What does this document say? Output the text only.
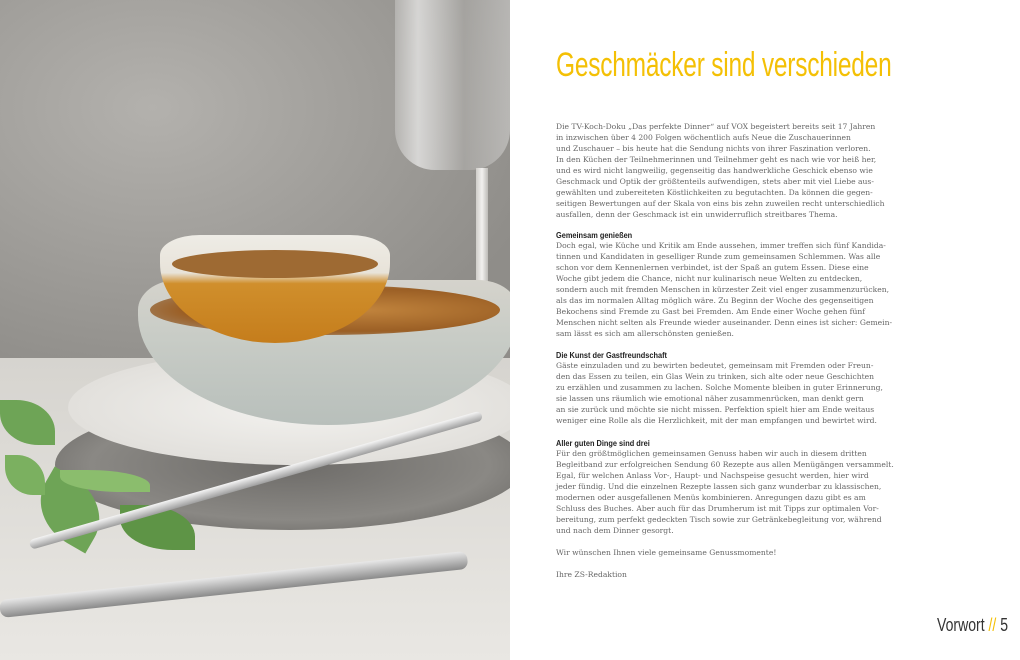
Geschmäcker sind verschieden
Die TV-Koch-Doku „Das perfekte Dinner“ auf VOX begeistert bereits seit 17 Jahren
in inzwischen über 4 200 Folgen wöchentlich aufs Neue die Zuschauerinnen
und Zuschauer – bis heute hat die Sendung nichts von ihrer Faszination verloren.
In den Küchen der Teilnehmerinnen und Teilnehmer geht es nach wie vor heiß her,
und es wird nicht langweilig, gegenseitig das handwerkliche Geschick ebenso wie
Geschmack und Optik der größtenteils aufwendigen, stets aber mit viel Liebe aus-
gewählten und zubereiteten Köstlichkeiten zu begutachten. Da können die gegen-
seitigen Bewertungen auf der Skala von eins bis zehn zuweilen recht unterschiedlich
ausfallen, denn der Geschmack ist ein unwiderruflich streitbares Thema.
Gemeinsam genießen
Doch egal, wie Küche und Kritik am Ende aussehen, immer treffen sich fünf Kandida-
tinnen und Kandidaten in geselliger Runde zum gemeinsamen Schlemmen. Was alle
schon vor dem Kennenlernen verbindet, ist der Spaß an gutem Essen. Diese eine
Woche gibt jedem die Chance, nicht nur kulinarisch neue Welten zu entdecken,
sondern auch mit fremden Menschen in kürzester Zeit viel enger zusammenzurücken,
als das im normalen Alltag möglich wäre. Zu Beginn der Woche des gegenseitigen
Bekochens sind Fremde zu Gast bei Fremden. Am Ende einer Woche gehen fünf
Menschen nicht selten als Freunde wieder auseinander. Denn eines ist sicher: Gemein-
sam lässt es sich am allerschönsten genießen.
Die Kunst der Gastfreundschaft
Gäste einzuladen und zu bewirten bedeutet, gemeinsam mit Fremden oder Freun-
den das Essen zu teilen, ein Glas Wein zu trinken, sich alte oder neue Geschichten
zu erzählen und zusammen zu lachen. Solche Momente bleiben in guter Erinnerung,
sie lassen uns räumlich wie emotional näher zusammenrücken, man denkt gern
an sie zurück und möchte sie nicht missen. Perfektion spielt hier am Ende weitaus
weniger eine Rolle als die Herzlichkeit, mit der man empfangen und bewirtet wird.
Aller guten Dinge sind drei
Für den größtmöglichen gemeinsamen Genuss haben wir auch in diesem dritten
Begleitband zur erfolgreichen Sendung 60 Rezepte aus allen Menügängen versammelt.
Egal, für welchen Anlass Vor-, Haupt- und Nachspeise gesucht werden, hier wird
jeder fündig. Und die einzelnen Rezepte lassen sich ganz wunderbar zu klassischen,
modernen oder ausgefallenen Menüs kombinieren. Anregungen dazu gibt es am
Schluss des Buches. Aber auch für das Drumherum ist mit Tipps zur optimalen Vor-
bereitung, zum perfekt gedeckten Tisch sowie zur Getränkebegleitung vor, während
und nach dem Dinner gesorgt.
Wir wünschen Ihnen viele gemeinsame Genussmomente!
Ihre ZS-Redaktion
Vorwort // 5
